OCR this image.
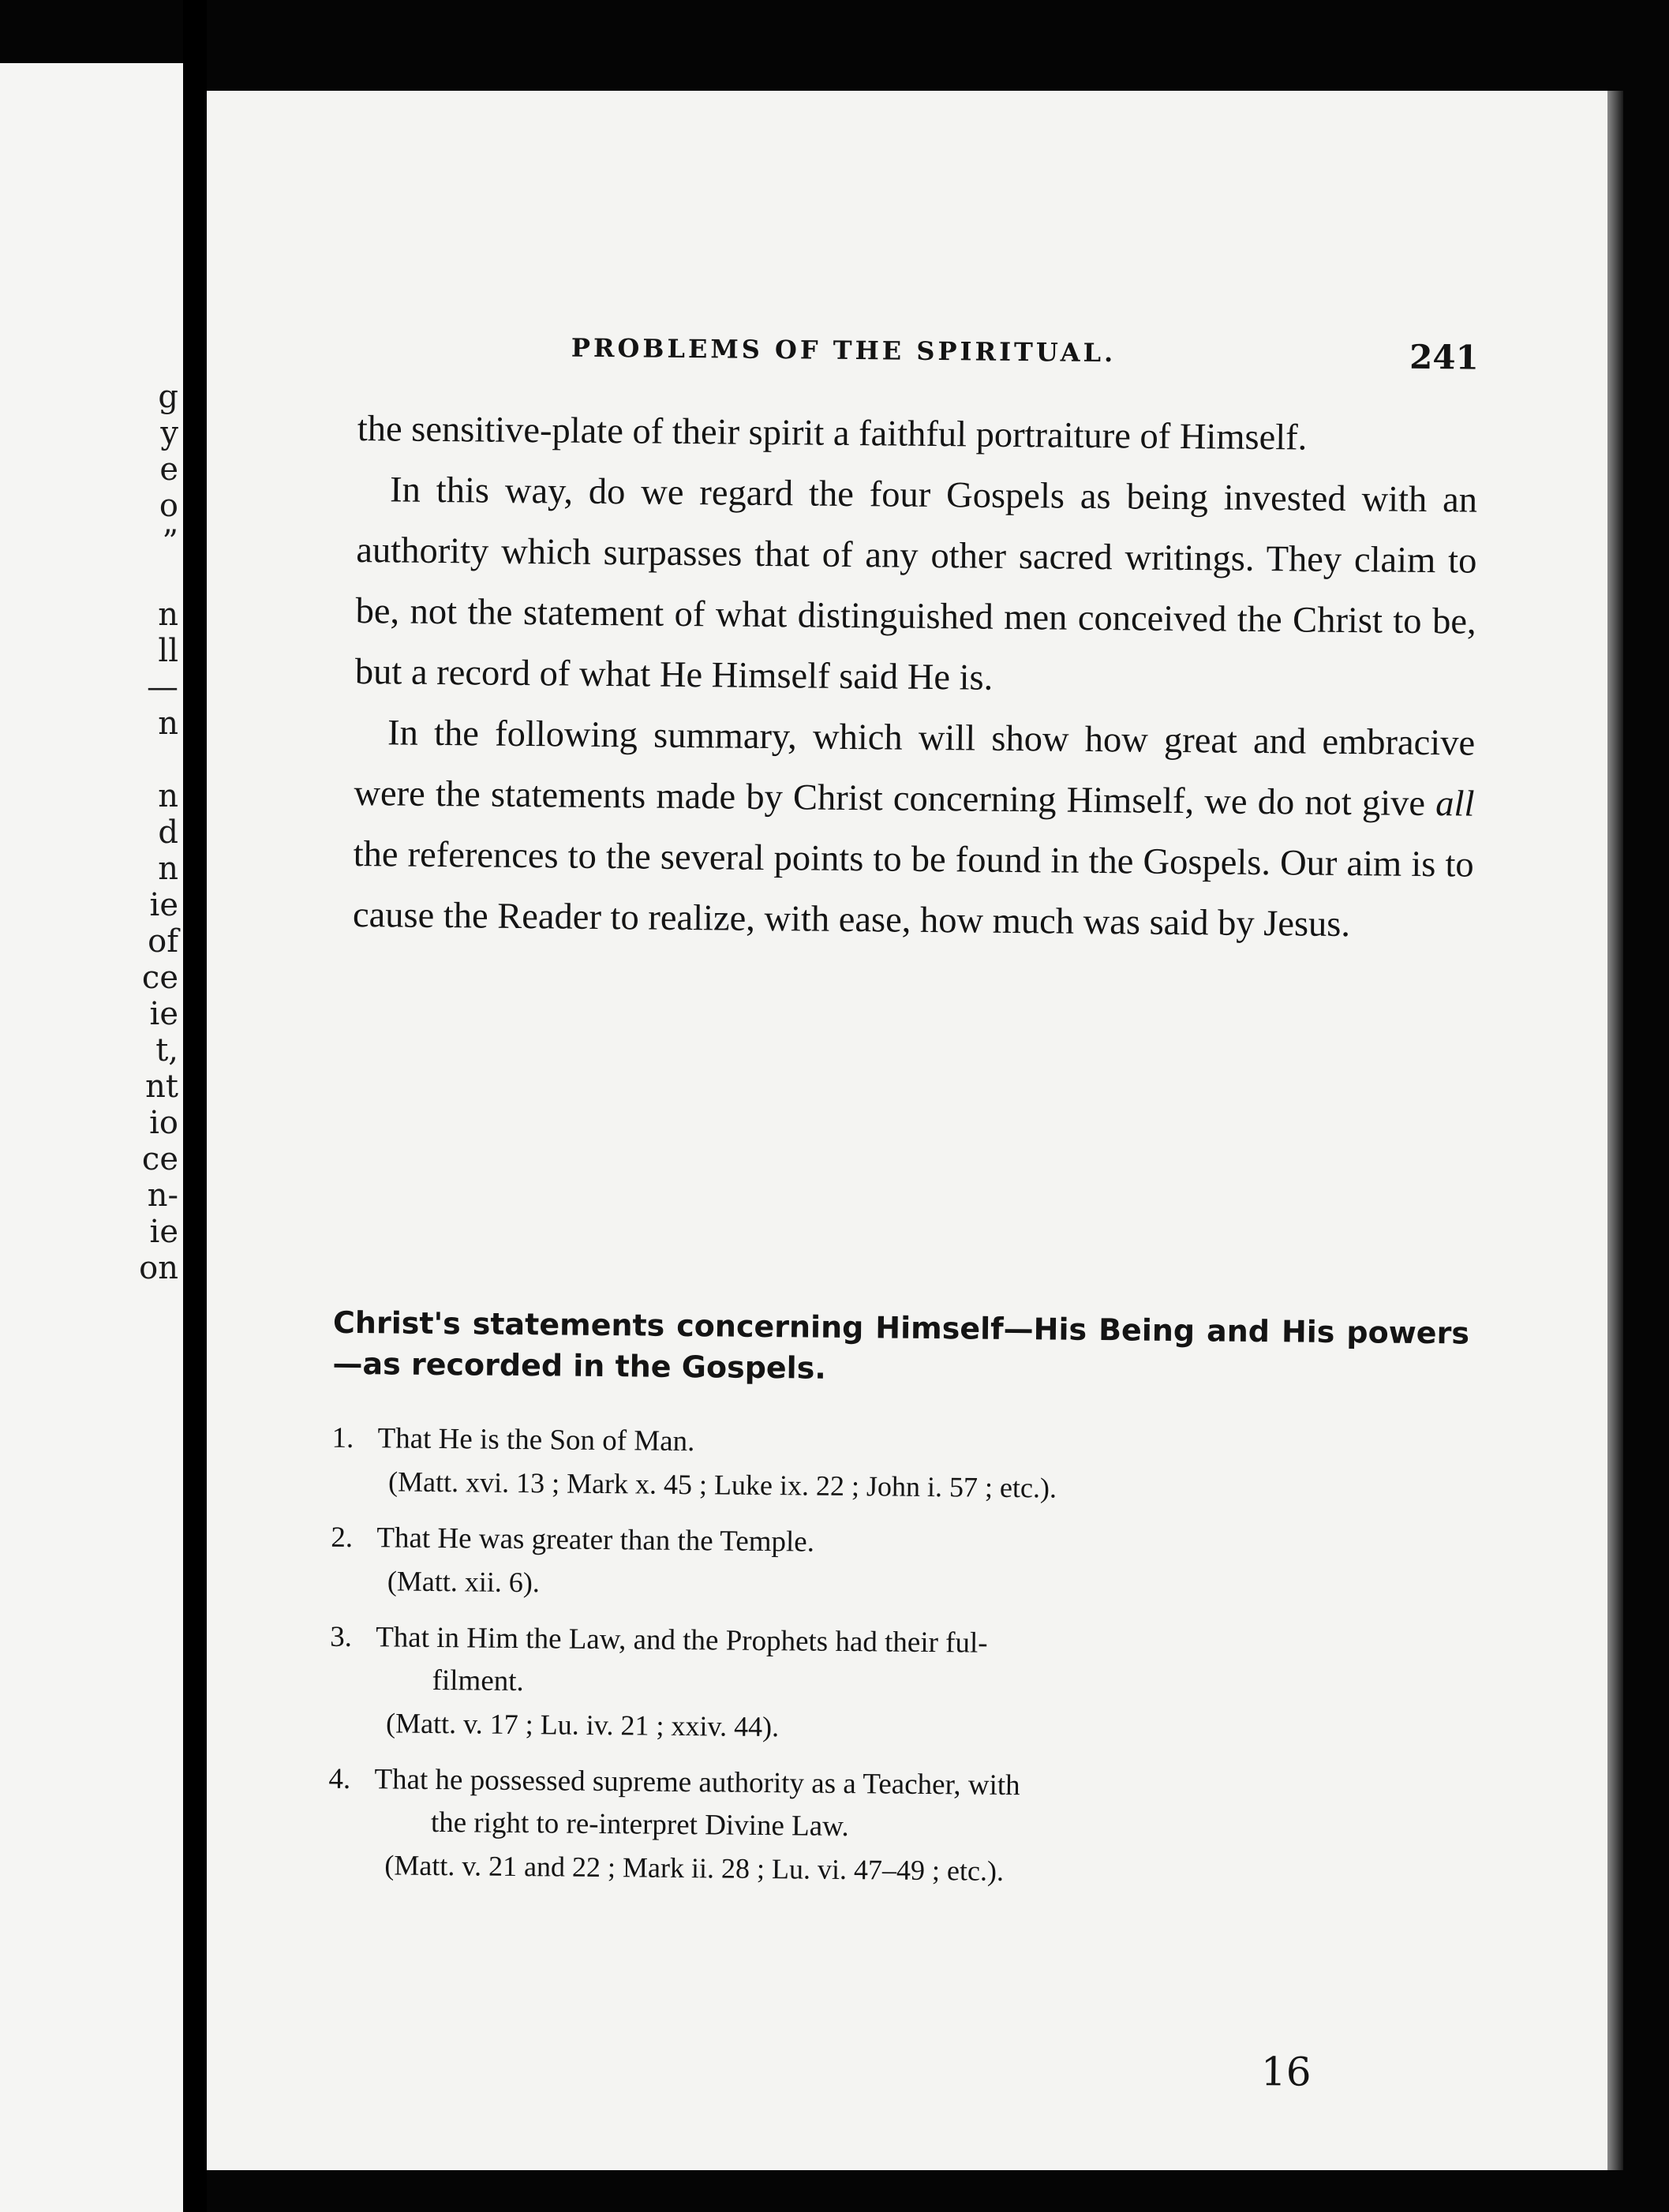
g
y
e
o
”
n
ll
—
n
n
d
n
ie
of
ce
ie
t,
nt
io
ce
n-
ie
on
PROBLEMS OF THE SPIRITUAL.	241

the sensitive-plate of their spirit a faithful portraiture of Himself.

In this way, do we regard the four Gospels as being invested with an authority which surpasses that of any other sacred writings. They claim to be, not the statement of what distinguished men conceived the Christ to be, but a record of what He Himself said He is.

In the following summary, which will show how great and embracive were the statements made by Christ concerning Himself, we do not give all the references to the several points to be found in the Gospels. Our aim is to cause the Reader to realize, with ease, how much was said by Jesus.

Christ's statements concerning Himself—His Being and His powers—as recorded in the Gospels.
1. That He is the Son of Man.
(Matt. xvi. 13 ; Mark x. 45 ; Luke ix. 22 ; John i. 57 ; etc.).
2. That He was greater than the Temple.
(Matt. xii. 6).
3. That in Him the Law, and the Prophets had their ful-
filment.
(Matt. v. 17 ; Lu. iv. 21 ; xxiv. 44).
4. That he possessed supreme authority as a Teacher, with
the right to re-interpret Divine Law.
(Matt. v. 21 and 22 ; Mark ii. 28 ; Lu. vi. 47–49 ; etc.).
16
